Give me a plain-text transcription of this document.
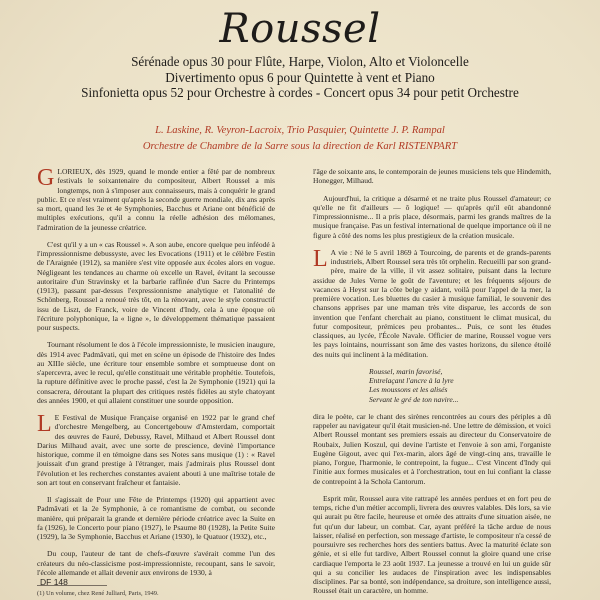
Roussel
Sérénade opus 30 pour Flûte, Harpe, Violon, Alto et Violoncelle
Divertimento opus 6 pour Quintette à vent et Piano
Sinfonietta opus 52 pour Orchestre à cordes - Concert opus 34 pour petit Orchestre
L. Laskine, R. Veyron-Lacroix, Trio Pasquier, Quintette J. P. Rampal
Orchestre de Chambre de la Sarre sous la direction de Karl RISTENPART

GLORIEUX, dès 1929, quand le monde entier a fêté par de nombreux festivals le soixantenaire du compositeur, Albert Roussel a mis longtemps, non à s'imposer aux connaisseurs, mais à conquérir le grand public. Et ce n'est vraiment qu'après la seconde guerre mondiale, dix ans après sa mort, quand les 3e et 4e Symphonies, Bacchus et Ariane ont bénéficié de multiples exécutions, qu'il a connu la réelle adhésion des mélomanes, l'admiration de la jeunesse créatrice.

C'est qu'il y a un « cas Roussel ». A son aube, encore quelque peu inféodé à l'impressionnisme debussyste, avec les Evocations (1911) et le célèbre Festin de l'Araignée (1912), sa manière s'est vite opposée aux écoles alors en vogue. Négligeant les tendances au charme où excelle un Ravel, évitant la secousse autoritaire d'un Stravinsky et la barbarie raffinée d'un Sacre du Printemps (1913), passant par-dessus l'expressionnisme analytique et l'atonalité de Schönberg, Roussel a renoué très tôt, en la rénovant, avec le style constructif issu de Liszt, de Franck, voire de Vincent d'Indy, cela à une époque où l'écriture polyphonique, la « ligne », le développement thématique passaient pour suspects.

Tournant résolument le dos à l'école impressionniste, le musicien inaugure, dès 1914 avec Padmâvati, qui met en scène un épisode de l'histoire des Indes au XIIIe siècle, une écriture tour ensemble sombre et somptueuse dont on s'apercevra, avec le recul, qu'elle constituait une véritable prophétie. Toutefois, la rupture définitive avec le proche passé, c'est la 2e Symphonie (1921) qui la consacrera, déroutant la plupart des critiques restés fidèles au style chatoyant des années 1900, et qui allaient constituer une sourde opposition.

L E Festival de Musique Française organisé en 1922 par le grand chef d'orchestre Mengelberg, au Concertgebouw d'Amsterdam, comportait des œuvres de Fauré, Debussy, Ravel, Milhaud et Albert Roussel dont Darius Milhaud avait, avec une sorte de prescience, devinė l'importance historique, comme il en témoigne dans ses Notes sans musique (1) : « Ravel jouissait d'un grand prestige à l'étranger, mais j'admirais plus Roussel dont l'évolution et les recherches constantes avaient abouti à une maîtrise totale de son art tout en conservant fraîcheur et fantaisie.

Il s'agissait de Pour une Fête de Printemps (1920) qui appartient avec Padmâvati et la 2e Symphonie, à ce romantisme de combat, ou seconde manière, qui préparait la grande et dernière période créatrice avec la Suite en fa (1926), le Concerto pour piano (1927), le Psaume 80 (1928), la Petite Suite (1929), la 3e Symphonie, Bacchus et Ariane (1930), le Quatuor (1932), etc.,

Du coup, l'auteur de tant de chefs-d'œuvre s'avérait comme l'un des créateurs du néo-classicisme post-impressionniste, recoupant, sans le savoir, l'école allemande et allait devenir aux environs de 1930, à

(1) Un volume, chez René Julliard, Paris, 1949.

l'âge de soixante ans, le contemporain de jeunes musiciens tels que Hindemith, Honegger, Milhaud.

Aujourd'hui, la critique a désarmé et ne traite plus Roussel d'amateur; ce qu'elle ne fit d'ailleurs — ô logique! — qu'après qu'il eût abandonné l'impressionnisme... Il a pris place, désormais, parmi les grands maîtres de la musique française. Pas un festival international de quelque importance où il ne figure à côté des noms les plus prestigieux de la création musicale.

L A vie : Né le 5 avril 1869 à Tourcoing, de parents et de grands-parents industriels, Albert Roussel sera très tôt orphelin. Recueilli par son grand-père, maire de la ville, il vit assez solitaire, puisant dans la lecture assidue de Jules Verne le goût de l'aventure; et les fréquents séjours de vacances à Heyst sur la côte belge y aidant, voilà pour l'appel de la mer, la première vocation. Les bluettes du casier à musique familial, le souvenir des chansons apprises par une maman très vite disparue, les accords de son invention que l'enfant cherchait au piano, constituent le climat musical, du futur compositeur, prémices peu probantes... Puis, ce sont les études classiques, au lycée, l'École Navale. Officier de marine, Roussel vogue vers les pays lointains, nourrissant son âme des vastes horizons, du silence étoilé des nuits qui inclinent à la méditation.

Roussel, marin favorisé,
Entrelaçant l'ancre à la lyre
Les moussons et les alisés
Servant le gré de ton navire...

dira le poète, car le chant des sirènes rencontrées au cours des périples a dû rappeler au navigateur qu'il était musicien-né. Une lettre de démission, et voici Albert Roussel montant ses premiers essais au directeur du Conservatoire de Roubaix, Julien Koszul, qui devine l'artiste et l'envoie à son ami, l'organiste Eugène Gigout, avec qui l'ex-marin, alors âgé de vingt-cinq ans, travaille le piano, l'orgue, l'harmonie, le contrepoint, la fugue... C'est Vincent d'Indy qui l'initie aux formes musicales et à l'orchestration, tout en lui confiant la classe de contrepoint à la Schola Cantorum.

Esprit mûr, Roussel aura vite rattrapé les années perdues et en fort peu de temps, riche d'un métier accompli, livrera des œuvres valables. Dès lors, sa vie qui aurait pu être facile, heureuse et ornée des attraits d'une situation aisée, ne fut qu'un dur labeur, un combat. Car, ayant préféré la tâche ardue de nous laisser, réalisé en perfection, son message d'artiste, le compositeur n'a cessé de poursuivre ses recherches hors des sentiers battus. Avec la maturité éclate son génie, et si elle fut tardive, Albert Roussel connut la gloire quand une crise cardiaque l'emporta le 23 août 1937. La jeunesse a trouvé en lui un guide sûr qui a su concilier les audaces de l'inspiration avec les indispensables disciplines. Par sa bonté, son indépendance, sa droiture, son intelligence aussi, Roussel était un caractère, un homme.

DF 148
